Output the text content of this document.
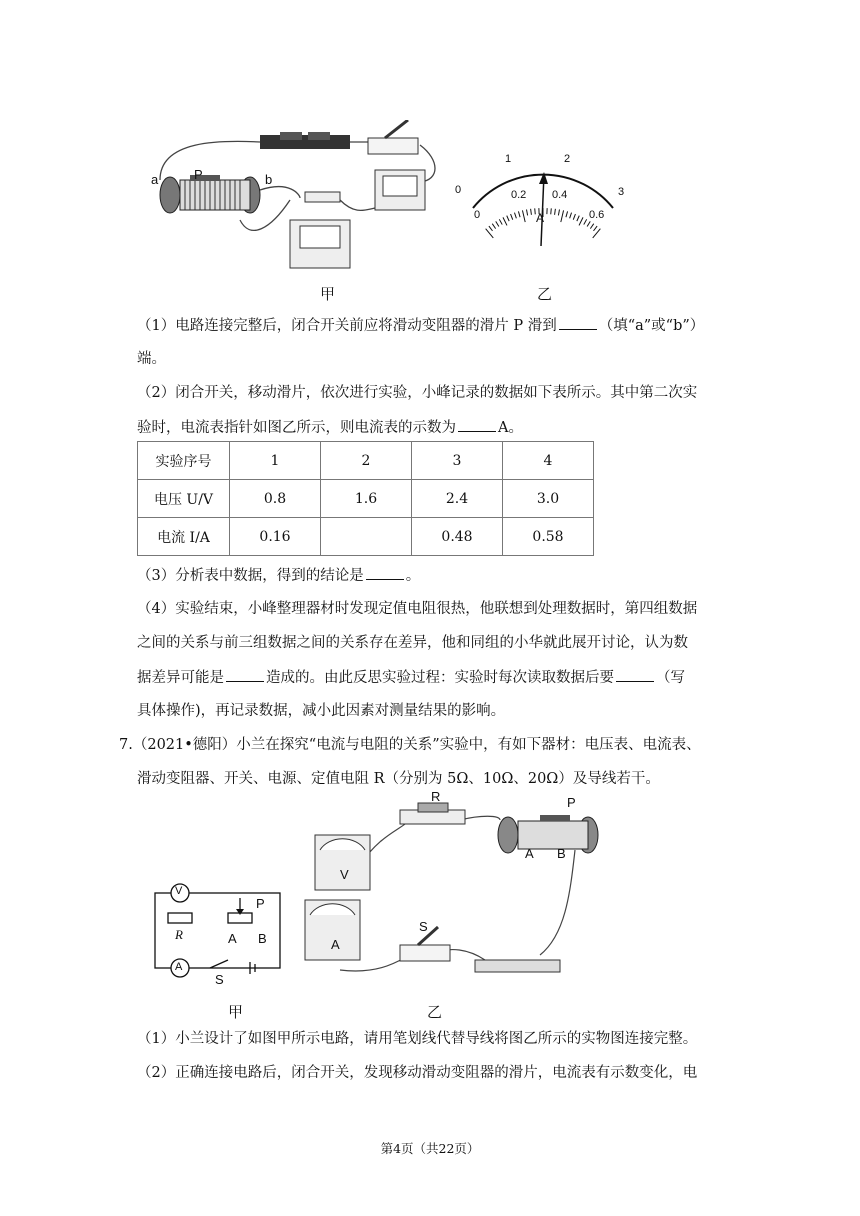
a	P	b
甲
0
1	2
3
0
0.2 0.4
0.6
A
乙
（1）电路连接完整后，闭合开关前应将滑动变阻器的滑片 P 滑到	（填“a”或“b”）
端。
（2）闭合开关，移动滑片，依次进行实验，小峰记录的数据如下表所示。其中第二次实
验时，电流表指针如图乙所示，则电流表的示数为	A。
实验序号	1	2	3	4
电压 U/V	0.8	1.6	2.4	3.0
电流 I/A	0.16		0.48	0.58
（3）分析表中数据，得到的结论是	。
（4）实验结束，小峰整理器材时发现定值电阻很热，他联想到处理数据时，第四组数据
之间的关系与前三组数据之间的关系存在差异，他和同组的小华就此展开讨论，认为数
据差异可能是	造成的。由此反思实验过程：实验时每次读取数据后要	（写
具体操作)，再记录数据，减小此因素对测量结果的影响。
7.（2021•德阳）小兰在探究“电流与电阻的关系”实验中，有如下器材：电压表、电流表、
滑动变阻器、开关、电源、定值电阻 R（分别为 5Ω、10Ω、20Ω）及导线若干。
V
A
R
P
A B
S
甲
R	P
A B
S
V
A
乙
（1）小兰设计了如图甲所示电路，请用笔划线代替导线将图乙所示的实物图连接完整。
（2）正确连接电路后，闭合开关，发现移动滑动变阻器的滑片，电流表有示数变化，电
第4页（共22页）
